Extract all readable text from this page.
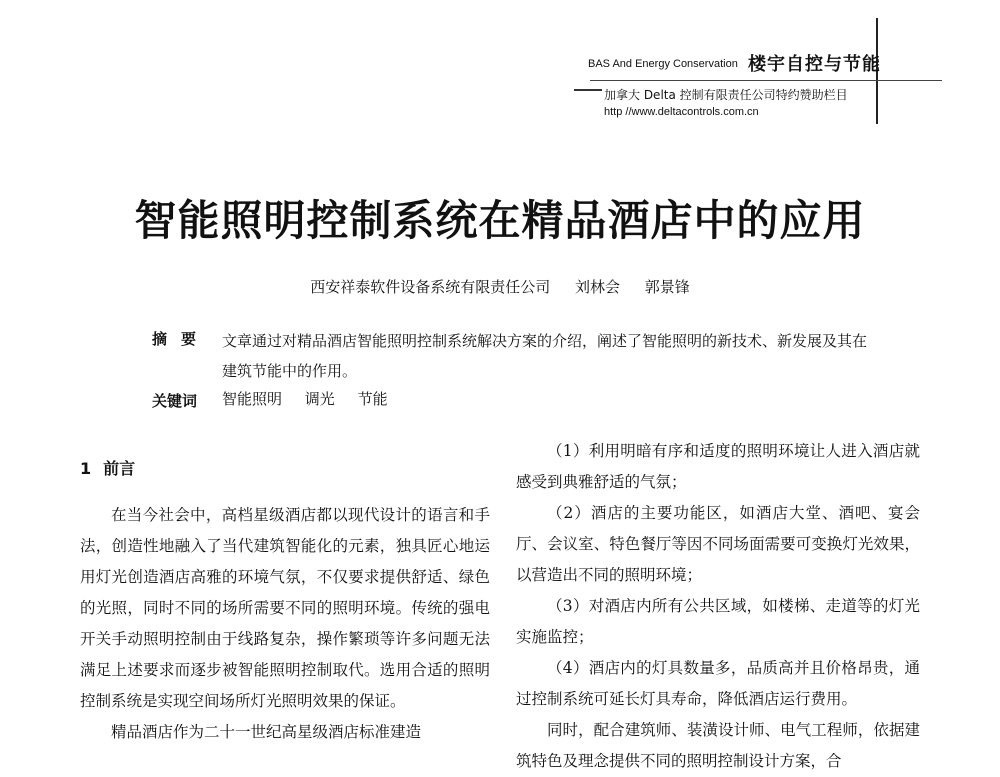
BAS And Energy Conservation 楼宇自控与节能
加拿大 Delta 控制有限责任公司特约赞助栏目
http //www.deltacontrols.com.cn
智能照明控制系统在精品酒店中的应用
西安祥泰软件设备系统有限责任公司 刘林会 郭景锋
摘要 文章通过对精品酒店智能照明控制系统解决方案的介绍，阐述了智能照明的新技术、新发展及其在建筑节能中的作用。
关键词 智能照明 调光 节能
1 前言

在当今社会中，高档星级酒店都以现代设计的语言和手法，创造性地融入了当代建筑智能化的元素，独具匠心地运用灯光创造酒店高雅的环境气氛，不仅要求提供舒适、绿色的光照，同时不同的场所需要不同的照明环境。传统的强电开关手动照明控制由于线路复杂，操作繁琐等许多问题无法满足上述要求而逐步被智能照明控制取代。选用合适的照明控制系统是实现空间场所灯光照明效果的保证。

精品酒店作为二十一世纪高星级酒店标准建造

（1）利用明暗有序和适度的照明环境让人进入酒店就感受到典雅舒适的气氛；

（2）酒店的主要功能区，如酒店大堂、酒吧、宴会厅、会议室、特色餐厅等因不同场面需要可变换灯光效果，以营造出不同的照明环境；

（3）对酒店内所有公共区域，如楼梯、走道等的灯光实施监控；

（4）酒店内的灯具数量多，品质高并且价格昂贵，通过控制系统可延长灯具寿命，降低酒店运行费用。

同时，配合建筑师、装潢设计师、电气工程师，依据建筑特色及理念提供不同的照明控制设计方案，合
